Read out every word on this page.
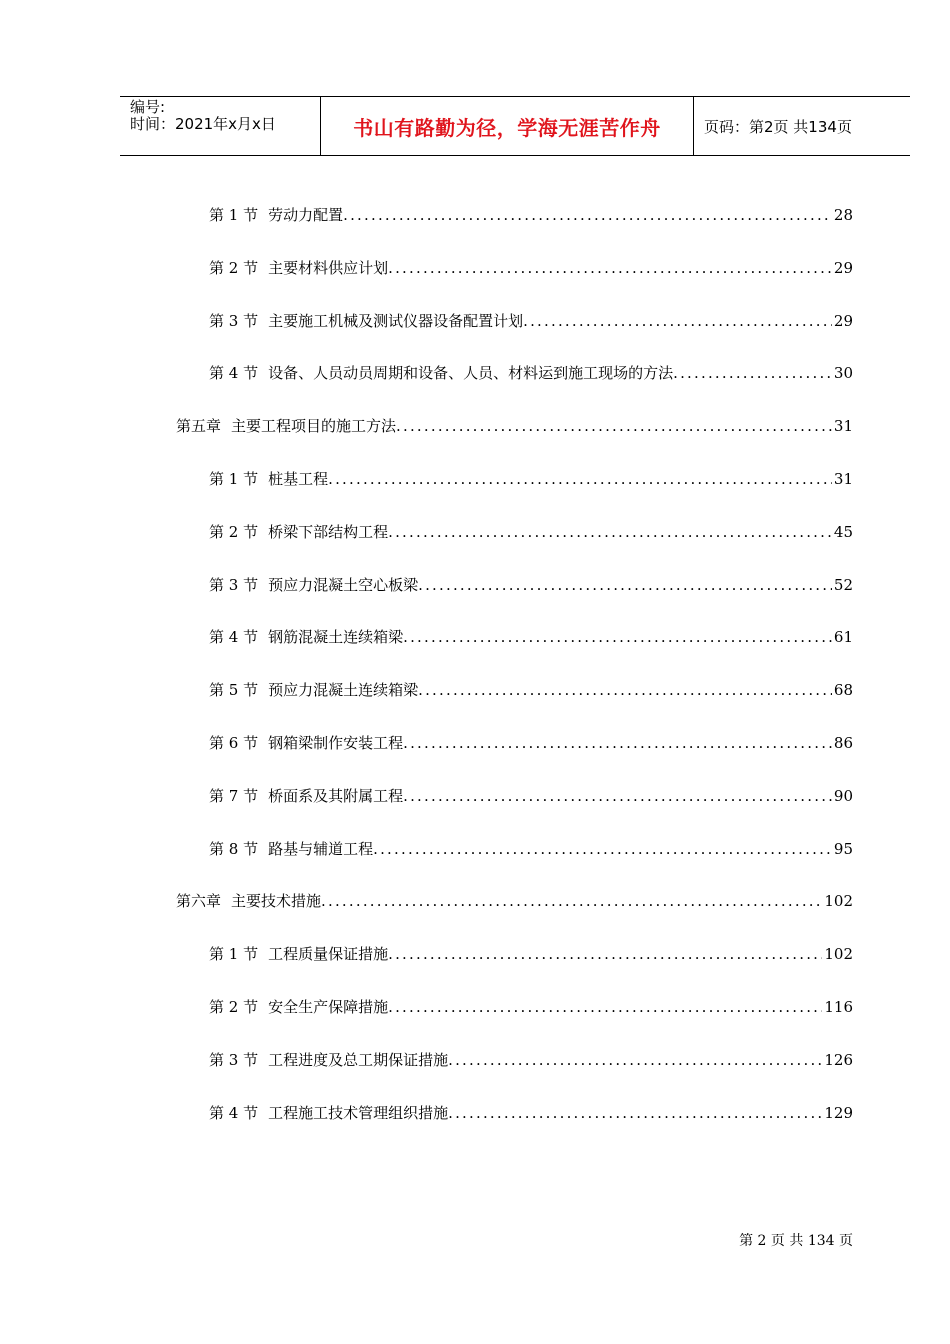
编号:
时间：2021年x月x日	书山有路勤为径，学海无涯苦作舟	页码：第2页 共134页
第 1 节 劳动力配置 .....	28
第 2 节 主要材料供应计划 .....	29
第 3 节 主要施工机械及测试仪器设备配置计划 .....	29
第 4 节 设备、人员动员周期和设备、人员、材料运到施工现场的方法 .....	30
第五章 主要工程项目的施工方法 .....	31
第 1 节 桩基工程 .....	31
第 2 节 桥梁下部结构工程 .....	45
第 3 节 预应力混凝土空心板梁 .....	52
第 4 节 钢筋混凝土连续箱梁 .....	61
第 5 节 预应力混凝土连续箱梁 .....	68
第 6 节 钢箱梁制作安装工程 .....	86
第 7 节 桥面系及其附属工程 .....	90
第 8 节 路基与辅道工程 .....	95
第六章 主要技术措施 .....	102
第 1 节 工程质量保证措施 .....	102
第 2 节 安全生产保障措施 .....	116
第 3 节 工程进度及总工期保证措施 .....	126
第 4 节 工程施工技术管理组织措施 .....	129
第 2 页 共 134 页
